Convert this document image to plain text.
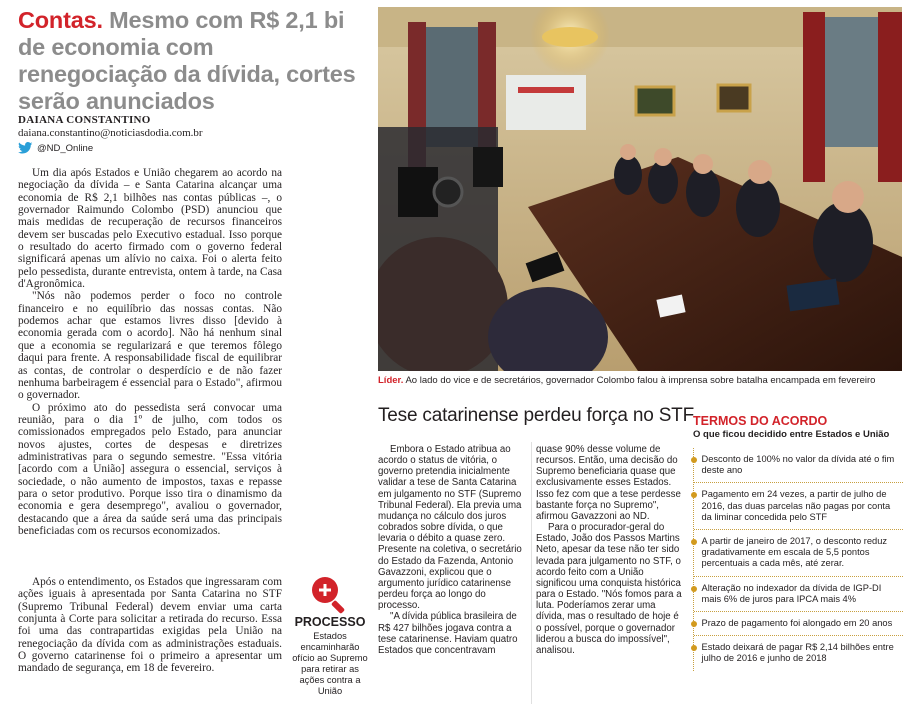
Contas. Mesmo com R$ 2,1 bi de economia com renegociação da dívida, cortes serão anunciados
DAIANA CONSTANTINO
daiana.constantino@noticiasdodia.com.br
@ND_Online

Um dia após Estados e União chegarem ao acordo na negociação da dívida – e Santa Catarina alcançar uma economia de R$ 2,1 bilhões nas contas públicas –, o governador Raimundo Colombo (PSD) anunciou que mais medidas de recuperação de recursos financeiros devem ser buscadas pelo Executivo estadual. Isso porque o resultado do acerto firmado com o governo federal significará apenas um alívio no caixa. Foi o alerta feito pelo pessedista, durante entrevista, ontem à tarde, na Casa d'Agronômica.

"Nós não podemos perder o foco no controle financeiro e no equilíbrio das nossas contas. Não podemos achar que estamos livres disso [devido à economia gerada com o acordo]. Não há nenhum sinal que a economia se regularizará e que teremos fôlego daqui para frente. A responsabilidade fiscal de equilibrar as contas, de controlar o desperdício e de não fazer nenhuma barbeiragem é essencial para o Estado", afirmou o governador.

O próximo ato do pessedista será convocar uma reunião, para o dia 1º de julho, com todos os comissionados empregados pelo Estado, para anunciar novos ajustes, cortes de despesas e diretrizes administrativas para o segundo semestre. "Essa vitória [acordo com a União] assegura o essencial, serviços à sociedade, o não aumento de impostos, taxas e repasse para o setor produtivo. Porque isso tira o dinamismo da economia e gera desemprego", avaliou o governador, destacando que a área da saúde será uma das principais beneficiadas com os recursos economizados.

Após o entendimento, os Estados que ingressaram com ações iguais à apresentada por Santa Catarina no STF (Supremo Tribunal Federal) devem enviar uma carta conjunta à Corte para solicitar a retirada do recurso. Essa foi uma das contrapartidas exigidas pela União na renegociação da dívida com as administrações estaduais. O governo catarinense foi o primeiro a apresentar um mandado de segurança, em 18 de fevereiro.

Líder. Ao lado do vice e de secretários, governador Colombo falou à imprensa sobre batalha encampada em fevereiro
PROCESSO
Estados encaminharão ofício ao Supremo para retirar as ações contra a União
Tese catarinense perdeu força no STF

Embora o Estado atribua ao acordo o status de vitória, o governo pretendia inicialmente validar a tese de Santa Catarina em julgamento no STF (Supremo Tribunal Federal). Ela previa uma mudança no cálculo dos juros cobrados sobre dívida, o que levaria o débito a quase zero. Presente na coletiva, o secretário do Estado da Fazenda, Antonio Gavazzoni, explicou que o argumento jurídico catarinense perdeu força ao longo do processo.

"A dívida pública brasileira de R$ 427 bilhões jogava contra a tese catarinense. Haviam quatro Estados que concentravam

quase 90% desse volume de recursos. Então, uma decisão do Supremo beneficiaria quase que exclusivamente esses Estados. Isso fez com que a tese perdesse bastante força no Supremo", afirmou Gavazzoni ao ND.

Para o procurador-geral do Estado, João dos Passos Martins Neto, apesar da tese não ter sido levada para julgamento no STF, o acordo feito com a União significou uma conquista histórica para o Estado. "Nós fomos para a luta. Poderíamos zerar uma dívida, mas o resultado de hoje é o possível, porque o governador liderou a busca do impossível", analisou.

TERMOS DO ACORDO
O que ficou decidido entre Estados e União
Desconto de 100% no valor da dívida até o fim deste ano
Pagamento em 24 vezes, a partir de julho de 2016, das duas parcelas não pagas por conta da liminar concedida pelo STF
A partir de janeiro de 2017, o desconto reduz gradativamente em escala de 5,5 pontos percentuais a cada mês, até zerar.
Alteração no indexador da dívida de IGP-DI mais 6% de juros para IPCA mais 4%
Prazo de pagamento foi alongado em 20 anos
Estado deixará de pagar R$ 2,14 bilhões entre julho de 2016 e junho de 2018
